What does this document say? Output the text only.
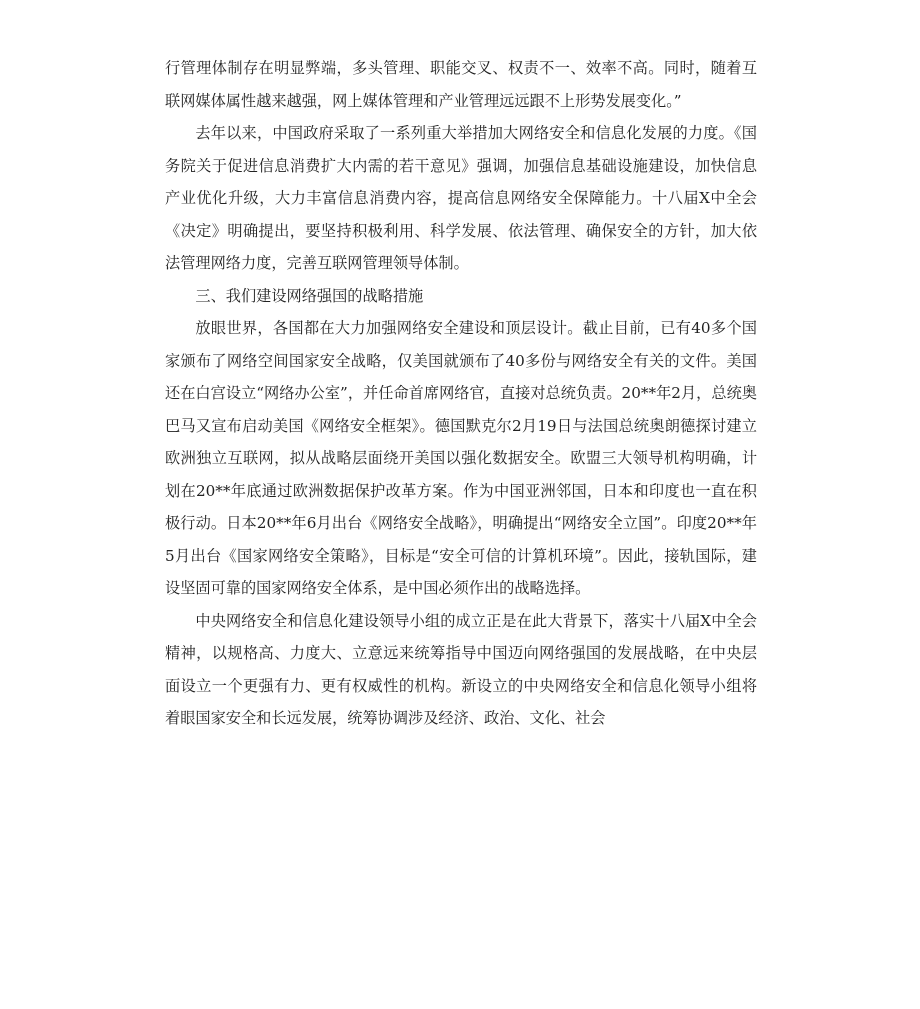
行管理体制存在明显弊端，多头管理、职能交叉、权责不一、效率不高。同时，随着互联网媒体属性越来越强，网上媒体管理和产业管理远远跟不上形势发展变化。”

去年以来，中国政府采取了一系列重大举措加大网络安全和信息化发展的力度。《国务院关于促进信息消费扩大内需的若干意见》强调，加强信息基础设施建设，加快信息产业优化升级，大力丰富信息消费内容，提高信息网络安全保障能力。十八届X中全会《决定》明确提出，要坚持积极利用、科学发展、依法管理、确保安全的方针，加大依法管理网络力度，完善互联网管理领导体制。

三、我们建设网络强国的战略措施

放眼世界，各国都在大力加强网络安全建设和顶层设计。截止目前，已有40多个国家颁布了网络空间国家安全战略，仅美国就颁布了40多份与网络安全有关的文件。美国还在白宫设立“网络办公室”，并任命首席网络官，直接对总统负责。20**年2月，总统奥巴马又宣布启动美国《网络安全框架》。德国默克尔2月19日与法国总统奥朗德探讨建立欧洲独立互联网，拟从战略层面绕开美国以强化数据安全。欧盟三大领导机构明确，计划在20**年底通过欧洲数据保护改革方案。作为中国亚洲邻国，日本和印度也一直在积极行动。日本20**年6月出台《网络安全战略》，明确提出“网络安全立国”。印度20**年5月出台《国家网络安全策略》，目标是“安全可信的计算机环境”。因此，接轨国际，建设坚固可靠的国家网络安全体系，是中国必须作出的战略选择。

中央网络安全和信息化建设领导小组的成立正是在此大背景下，落实十八届X中全会精神，以规格高、力度大、立意远来统筹指导中国迈向网络强国的发展战略，在中央层面设立一个更强有力、更有权威性的机构。新设立的中央网络安全和信息化领导小组将着眼国家安全和长远发展，统筹协调涉及经济、政治、文化、社会
